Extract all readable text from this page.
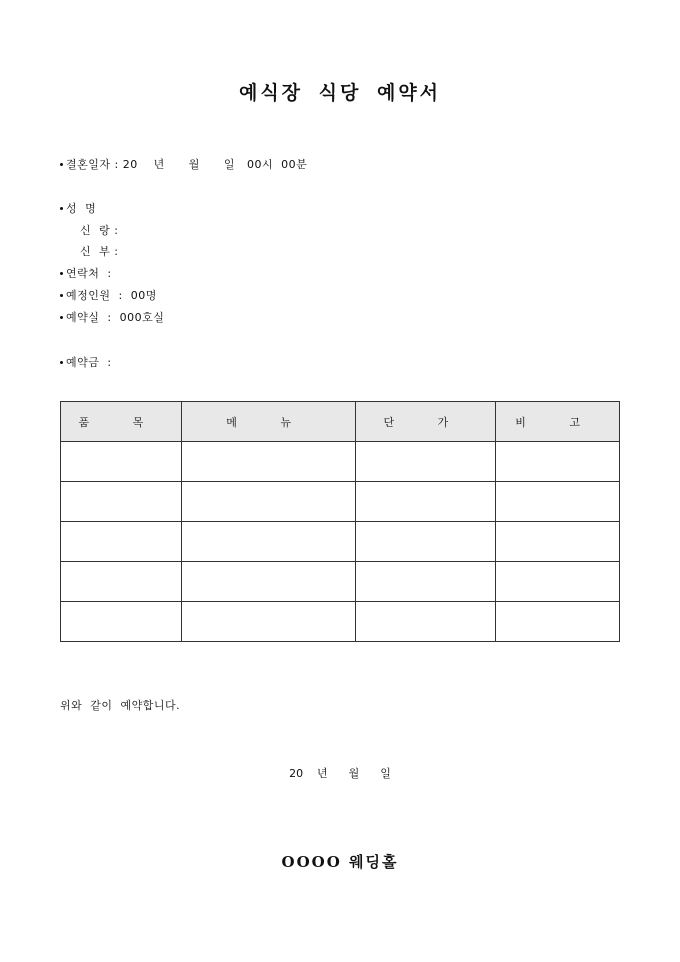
예식장 식당 예약서
결혼일자 : 20    년      월      일   00시  00분
성  명
신  랑 :
신  부 :
연락처  :
예정인원  :  00명
예약실  :  000호실
예약금  :
품 목	메 뉴	단 가	비 고

위와  같이  예약합니다.
20    년      월      일
OOOO 웨딩홀
